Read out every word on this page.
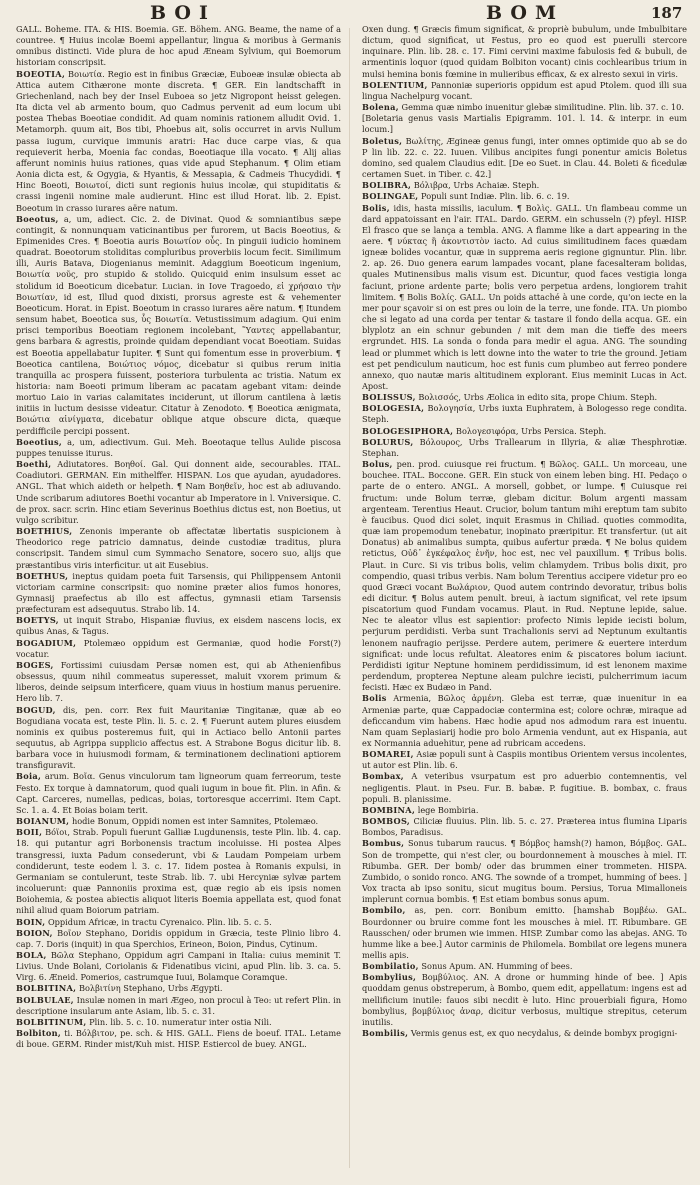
BOI	BOM	187

GALL. Boheme. ITA. & HIS. Boemia. GE. Böhem. ANG. Beame, the name of a countree. ¶ Huius incolæ Boemi appellantur, lingua & moribus à Germanis omnibus distincti. Vide plura de hoc apud Æneam Sylvium, qui Boemorum historiam conscripsit.

BOEOTIA, Βοιωτία. Regio est in finibus Græciæ, Euboeæ insulæ obiecta ab Attica autem Cithærone monte discreta. ¶ GER. Ein landtschafft in Griechenland, nach bey der Insel Euboea so jetz Nigropont heisst gelegen. Ita dicta vel ab armento boum, quo Cadmus pervenit ad eum locum ubi postea Thebas Boeotiae condidit. Ad quam nominis rationem alludit Ovid. 1. Metamorph. quum ait, Bos tibi, Phoebus ait, solis occurret in arvis Nullum passa iugum, curvique immunis aratri: Hac duce carpe vias, & qua requieverit herba, Moenia fac condas, Boeotiaque illa vocato. ¶ Alij alias afferunt nominis huius rationes, quas vide apud Stephanum. ¶ Olim etiam Aonia dicta est, & Ogygia, & Hyantis, & Messapia, & Cadmeis Thucydidi. ¶ Hinc Boeoti, Βοιωτοί, dicti sunt regionis huius incolæ, qui stupiditatis & crassi ingenii nomine male audierunt. Hinc est illud Horat. lib. 2. Epist. Boeotum in crasso iurares aëre natum.

Boeotus, a, um, adiect. Cic. 2. de Divinat. Quod & somniantibus sæpe contingit, & nonnunquam vaticinantibus per furorem, ut Bacis Boeotius, & Epimenides Cres. ¶ Boeotia auris Βοιωτίον οὖς. In pinguii iudicio hominem quadrat. Boeotorum stoliditas compluribus proverbiis locum fecit. Similimum illi, Auris Batava, Diogenianus meminit. Adaggium Boeoticum ingenium, Βοιωτία νοῦς, pro stupido & stolido. Quicquid enim insulsum esset ac stolidum id Boeoticum dicebatur. Lucian. in Iove Tragoedo, εἰ χρήσαιο τὴν Βοιωτίαν, id est, Illud quod dixisti, prorsus agreste est & vehementer Boeoticum. Horat. in Epist. Boeotum in crasso iurares aëre natum. ¶ Itundem sensum habet, Boeotica sus, ὗς Βοιωτία. Vetustissimum adagium. Qui enim prisci temporibus Boeotiam regionem incolebant, Ὕαντες appellabantur, gens barbara & agrestis, proinde quidam dependiant vocat Boeotiam. Suidas est Boeotia appellabatur Iupiter. ¶ Sunt qui fomentum esse in proverbium. ¶ Boeotica cantilena, Βοιώτιος νόμος, dicebatur si quibus rerum initia tranquilla ac prospera fuissent, posteriora turbulenta ac tristia. Natum ex historia: nam Boeoti primum liberam ac pacatam agebant vitam: deinde mortuo Laio in varias calamitates inciderunt, ut illorum cantilena à lætis initiis in luctum desisse videatur. Citatur à Zenodoto. ¶ Boeotica ænigmata, Βοιώτια αἰνίγματα, dicebatur oblique atque obscure dicta, quæque perdifficile percipi possent.

Boeotius, a, um, adiectivum. Gui. Meh. Boeotaque tellus Aulide piscosa puppes tenuisse iturus.

Boethi, Adiutatores. Βοηθοί. Gal. Qui donnent aide, secourables. ITAL. Coadiutori. GERMAN. Ein mithelffer. HISPAN. Los que ayudan, ayudadores. ANGL. That which aideth or helpeth. ¶ Nam Βοηθεῖν, hoc est ab adiuvando. Unde scribarum adiutores Boethi vocantur ab Imperatore in l. Vniversique. C. de prox. sacr. scrin. Hinc etiam Severinus Boethius dictus est, non Boetius, ut vulgo scribitur.

BOETHIUS, Zenonis imperante ob affectatæ libertatis suspicionem à Theodorico rege patricio damnatus, deinde custodiæ traditus, plura conscripsit. Tandem simul cum Symmacho Senatore, socero suo, alijs que præstantibus viris interficitur. ut ait Eusebius.

BOETHUS, ineptus quidam poeta fuit Tarsensis, qui Philippensem Antonii victoriam carmine conscripsit: quo nomine præter alios fumos honores, Gymnasij praefectus ab illo est affectus, gymnasii etiam Tarsensis præfecturam est adsequutus. Strabo lib. 14.

BOETYS, ut inquit Strabo, Hispaniæ fluvius, ex eisdem nascens locis, ex quibus Anas, & Tagus.

BOGADIUM, Ptolemæo oppidum est Germaniæ, quod hodie Forst(?) vocatur.

BOGES, Fortissimi cuiusdam Persæ nomen est, qui ab Athenienfibus obsessus, quum nihil commeatus superesset, maluit vxorem primum & liberos, deinde seipsum interficere, quam viuus in hostium manus peruenire. Hero lib. 7.

BOGUD, dis, pen. corr. Rex fuit Mauritaniæ Tingitanæ, quæ ab eo Bogudiana vocata est, teste Plin. li. 5. c. 2. ¶ Fuerunt autem plures eiusdem nominis ex quibus posteremus fuit, qui in Actiaco bello Antonii partes sequutus, ab Agrippa supplicio affectus est. A Strabone Bogus dicitur lib. 8. barbara voce in huiusmodi formam, & terminationem declinationi aptiorem transfiguravit.

Boia, arum. Βοῖα. Genus vinculorum tam ligneorum quam ferreorum, teste Festo. Ex torque à damnatorum, quod quali iugum in boue fit. Plin. in Afin. & Capt. Carceres, numellas, pedicas, boias, tortoresque accerrimi. Item Capt. Sc. 1. a. 4. Et Boias boiam terit.

BOIANUM, hodie Bonum, Oppidi nomen est inter Samnites, Ptolemæo.

BOII, Βόϊοι, Strab. Populi fuerunt Galliæ Lugdunensis, teste Plin. lib. 4. cap. 18. qui putantur agri Borbonensis tractum incoluisse. Hi postea Alpes transgressi, iuxta Padum consederunt, vbi & Laudam Pompeiam urbem condiderunt, teste eodem l. 3. c. 17. Iidem postea à Romanis expulsi, in Germaniam se contulerunt, teste Strab. lib. 7. ubi Hercyniæ sylvæ partem incoluerunt: quæ Pannoniis proxima est, quæ regio ab eis ipsis nomen Boiohemia, & postea abiectis aliquot literis Boemia appellata est, quod fonat nihil aliud quam Boiorum patriam.

BOIN, Oppidum Africæ, in tractu Cyrenaico. Plin. lib. 5. c. 5.

BOION, Βοῖον Stephano, Doridis oppidum in Græcia, teste Plinio libro 4. cap. 7. Doris (inquit) in qua Sperchios, Erineon, Boion, Pindus, Cytinum.

BOLA, Βῶλα Stephano, Oppidum agri Campani in Italia: cuius meminit T. Livius. Unde Bolani, Coriolanis & Fidenatibus vicini, apud Plin. lib. 3. ca. 5. Virg. 6. Æneid. Pomerios, castrumque Iuui, Bolamque Coramque.

BOLBITINA, Βολβιτίνη Stephano, Urbs Ægypti.

BOLBULAE, Insulæ nomen in mari Ægeo, non procul à Teo: ut refert Plin. in descriptione insularum ante Asiam, lib. 5. c. 31.

BOLBITINUM, Plin. lib. 5. c. 10. numeratur inter ostia Nili.

Bolbiton, ti. Βόλβιτον, pe. sch. & HIS. GALL. Fiens de boeuf. ITAL. Letame di boue. GERM. Rinder mist/Kuh mist. HISP. Estiercol de buey. ANGL.

Oxen dung. ¶ Græcis fimum significat, & propriè bubulum, unde Imbulbitare dictum, quod significat, ut Festus, pro eo quod est puerulli stercore inquinare. Plin. lib. 28. c. 17. Fimi cervini maxime fabulosis fed & bubuli, de armentinis loquor (quod quidam Bolbiton vocant) cinis cochlearibus trium in mulsi hemina bonis fœmine in mulieribus efficax, & ex alresto sexui in viris.

BOLENTIUM, Pannoniæ superioris oppidum est apud Ptolem. quod illi sua lingua Nachelpurg vocant.

Bolena, Gemma quæ nimbo inuenitur glebæ similitudine. Plin. lib. 37. c. 10.

[Boletaria genus vasis Martialis Epigramm. 101. l. 14. & interpr. in eum locum.]

Boletus, Βωλίτης, Ægineæ genus fungi, inter omnes optimide quo ab se do P lin lib. 22. c. 22. Iuuen. Vilibus ancipites fungi ponentur amicis Boletus domino, sed qualem Claudius edit. [De eo Suet. in Clau. 44. Boleti & ficedulæ certamen Suet. in Tiber. c. 42.]

BOLIBRA, Βόλιβρα, Urbs Achaiæ. Steph.

BOLINGAE, Populi sunt Indiæ. Plin. lib. 6. c. 19.

Bolis, idis, hasta missilis, iaculum. ¶ Βολὶς. GALL. Un flambeau comme un dard appatoissant en l'air. ITAL. Dardo. GERM. ein schusseln (?) pfeyl. HISP. El frasco que se lança a tembla. ANG. A flamme like a dart appearing in the aere. ¶ νύκτας ἢ ἀκοντιστὸν iacto. Ad cuius similitudinem faces quædam igneæ bolides vocantur, quæ in supprema aeris regione gignuntur. Plin. libr. 2. ap. 26. Duo genera earum lampades vocant, plane facesalteram bolidas, quales Mutinensibus malis visum est. Dicuntur, quod faces vestigia longa faciunt, prione ardente parte; bolis vero perpetua ardens, longiorem trahit limitem. ¶ Bolis Βολίς. GALL. Un poids attaché à une corde, qu'on iecte en la mer pour sçavoir si on est pres ou loin de la terre, une fonde. ITA. Un piombo che si legato ad una corda per tentar & tastare il fondo della acqua. GE. ein blyplotz an ein schnur gebunden / mit dem man die tieffe des meers ergrundet. HIS. La sonda o fonda para medir el agua. ANG. The sounding lead or plummet which is lett downe into the water to trie the ground. Jetiam est pet pendiculum nauticum, hoc est funis cum plumbeo aut ferreo pondere annexo, quo nautæ maris altitudinem explorant. Eius meminit Lucas in Act. Apost.

BOLISSUS, Βολισσός, Urbs Æolica in edito sita, prope Chium. Steph.

BOLOGESIA, Βολογησία, Urbs iuxta Euphratem, à Bologesso rege condita. Steph.

BOLOGESIPHORA, Βολογεσιφόρα, Urbs Persica. Steph.

BOLURUS, Βόλουρος, Urbs Trallearum in Illyria, & aliæ Thesphrotiæ. Stephan.

Bolus, pen. prod. cuiusque rei fructum. ¶ Βῶλος. GALL. Un morceau, une bouchee. ITAL. Boccone. GER. Ein stuck von einem leben bing. HI. Pedaço o parte de o entero. ANGL. A morsell, gobbet, or lumpe. ¶ Cuiusque rei fructum: unde Bolum terræ, glebam dicitur. Bolum argenti massam argenteam. Terentius Heaut. Crucior, bolum tantum mihi ereptum tam subito è faucibus. Quod dici solet, inquit Erasmus in Chiliad. quoties commodita, quæ iam propemodum tenebatur, inopinato præripitur. Et transfertur. (ut ait Donatus) ab animalibus sumpta, quibus aufertur præda. ¶ Ne bolus quidem retictus, Οὐδ᾽ ἐγκέφαλος ἐνῆν, hoc est, nec vel pauxillum. ¶ Tribus bolis. Plaut. in Curc. Si vis tribus bolis, velim chlamydem. Tribus bolis dixit, pro compendio, quasi tribus verbis. Nam bolum Terentius accipere videtur pro eo quod Græci vocant Βωλάριον, Quod autem contrindo devoratur, tribus bolis edi dicitur. ¶ Bolus autem penult. breui, à iactum significat, vel rete ipsum piscatorium quod Fundam vocamus. Plaut. in Rud. Neptune lepide, salue. Nec te aleator vllus est sapientior: profecto Nimis lepide iecisti bolum, perjurum perdidisti. Verba sunt Trachalionis servi ad Neptunum exultantis lenonem naufragio perijsse. Perdere autem, perimere & euertere interdum significat: unde locus refultat. Aleatores enim & piscatores bolum iaciunt. Perdidisti igitur Neptune hominem perdidissimum, id est lenonem maxime perdendum, propterea Neptune aleam pulchre iecisti, pulcherrimum iacum fecisti. Hæc ex Budæo in Pand.

Bolis Armenia, Βῶλος ἀρμένη. Gleba est terræ, quæ inuenitur in ea Armeniæ parte, quæ Cappadociæ contermina est; colore ochræ, miraque ad deficcandum vim habens. Hæc hodie apud nos admodum rara est inuentu. Nam quam Seplasiarij hodie pro bolo Armenia vendunt, aut ex Hispania, aut ex Normannia aduehitur, pene ad rubricam accedens.

BOMAREI, Asiæ populi sunt à Caspiis montibus Orientem versus incolentes, ut autor est Plin. lib. 6.

Bombax, A veteribus vsurpatum est pro aduerbio contemnentis, vel negligentis. Plaut. in Pseu. Fur. B. babæ. P. fugitiue. B. bombax, c. fraus populi. B. planissime.

BOMBINA, lege Bombiria.

BOMBOS, Ciliciæ fluuius. Plin. lib. 5. c. 27. Præterea intus flumina Liparis Bombos, Paradisus.

Bombus, Sonus tubarum raucus. ¶ Βόμβος hamsh(?) hamon, Βόμβος. GAL. Son de trompette, qui n'est cler, ou bourdonnement à mousches à miel. IT. Ribumba. GER. Der bomb/ oder das brummen einer trommeten. HISPA. Zumbido, o sonido ronco. ANG. The sownde of a trompet, humming of bees. ] Vox tracta ab ipso sonitu, sicut mugitus boum. Persius, Torua Mimalloneis implerunt cornua bombis. ¶ Est etiam bombus sonus apum.

Bombilo, as, pen. corr. Bonibum emitto. [hamshab Βομβέω. GAL. Bourdonner ou bruire comme font les mousches à miel. IT. Ribumbare. GE Rausschen/ oder brumen wie immen. HISP. Zumbar como las abejas. ANG. To humme like a bee.] Autor carminis de Philomela. Bombilat ore legens munera mellis apis.

Bombilatio, Sonus Apum. AN. Humming of bees.

Bombylius, Βομβύλιος. AN. A drone or humming hinde of bee. ] Apis quoddam genus obstreperum, à Bombo, quem edit, appellatum: ingens est ad mellificium inutile: fauos sibi necdit è luto. Hinc prouerbiali figura, Homo bombylius, βομβύλιος ἀναρ, dicitur verbosus, multique strepitus, ceterum inutilis.

Bombilis, Vermis genus est, ex quo necydalus, & deinde bombyx progigni-
